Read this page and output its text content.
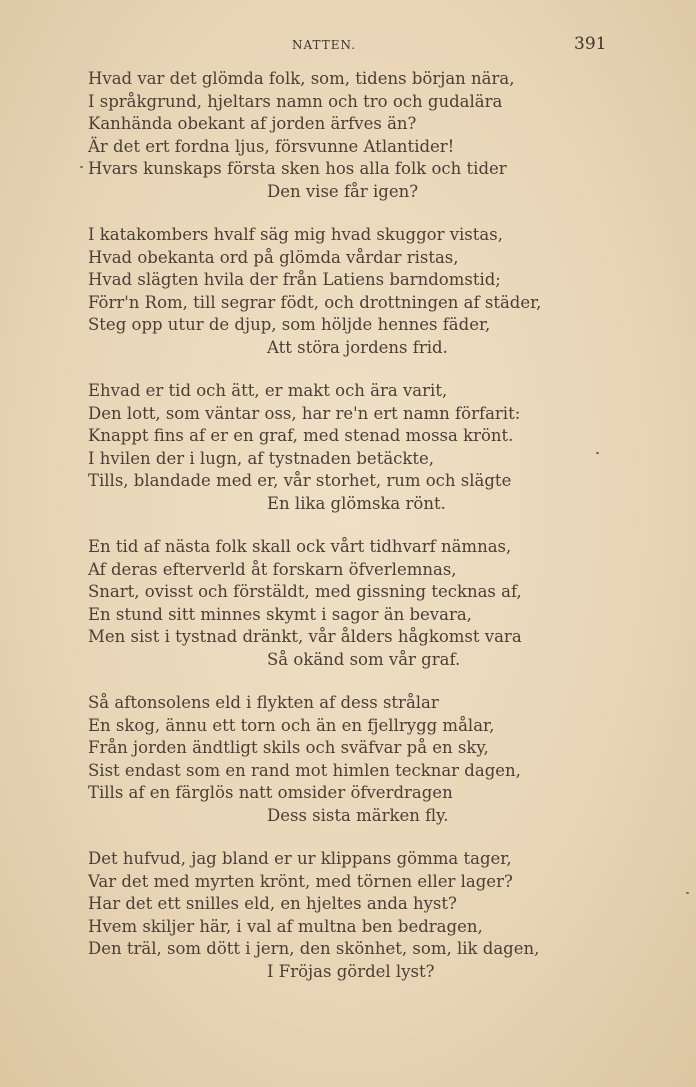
NATTEN.	391
Hvad var det glömda folk, som, tidens början nära,
I språkgrund, hjeltars namn och tro och gudalära
Kanhända obekant af jorden ärfves än?
Är det ert fordna ljus, försvunne Atlantider!
Hvars kunskaps första sken hos alla folk och tider
Den vise får igen?
I katakombers hvalf säg mig hvad skuggor vistas,
Hvad obekanta ord på glömda vårdar ristas,
Hvad slägten hvila der från Latiens barndomstid;
Förr'n Rom, till segrar födt, och drottningen af städer,
Steg opp utur de djup, som höljde hennes fäder,
Att störa jordens frid.
Ehvad er tid och ätt, er makt och ära varit,
Den lott, som väntar oss, har re'n ert namn förfarit:
Knappt fins af er en graf, med stenad mossa krönt.
I hvilen der i lugn, af tystnaden betäckte,
Tills, blandade med er, vår storhet, rum och slägte
En lika glömska rönt.
En tid af nästa folk skall ock vårt tidhvarf nämnas,
Af deras efterverld åt forskarn öfverlemnas,
Snart, ovisst och förstäldt, med gissning tecknas af,
En stund sitt minnes skymt i sagor än bevara,
Men sist i tystnad dränkt, vår ålders hågkomst vara
Så okänd som vår graf.
Så aftonsolens eld i flykten af dess strålar
En skog, ännu ett torn och än en fjellrygg målar,
Från jorden ändtligt skils och sväfvar på en sky,
Sist endast som en rand mot himlen tecknar dagen,
Tills af en färglös natt omsider öfverdragen
Dess sista märken fly.
Det hufvud, jag bland er ur klippans gömma tager,
Var det med myrten krönt, med törnen eller lager?
Har det ett snilles eld, en hjeltes anda hyst?
Hvem skiljer här, i val af multna ben bedragen,
Den träl, som dött i jern, den skönhet, som, lik dagen,
I Fröjas gördel lyst?
